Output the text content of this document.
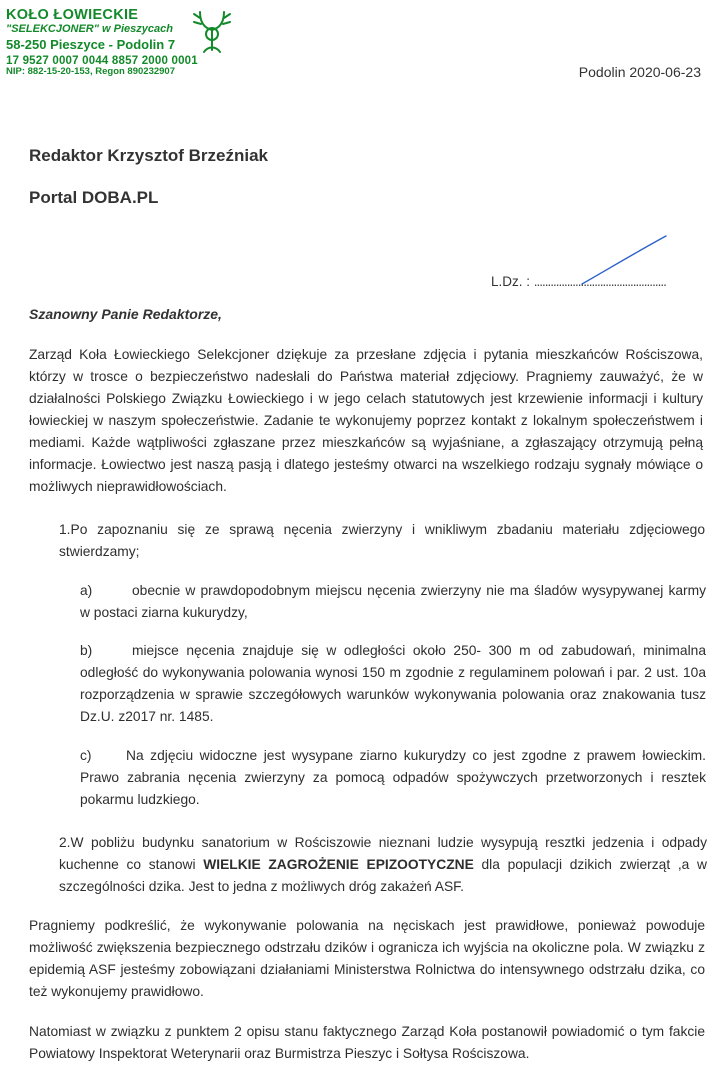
KOŁO ŁOWIECKIE
"SELEKCJONER" w Pieszycach
58-250 Pieszyce - Podolin 7
17 9527 0007 0044 8857 2000 0001
NIP: 882-15-20-153, Regon 890232907	Podolin 2020-06-23
Redaktor Krzysztof Brzeźniak
Portal DOBA.PL
L.Dz. : ................................................
Szanowny Panie Redaktorze,
Zarząd Koła Łowieckiego Selekcjoner dziękuje za przesłane zdjęcia i pytania mieszkańców Rościszowa, którzy w trosce o bezpieczeństwo nadesłali do Państwa materiał zdjęciowy. Pragniemy zauważyć, że w działalności Polskiego Związku Łowieckiego i w jego celach statutowych jest krzewienie informacji i kultury łowieckiej w naszym społeczeństwie. Zadanie te wykonujemy poprzez kontakt z lokalnym społeczeństwem i mediami. Każde wątpliwości zgłaszane przez mieszkańców są wyjaśniane, a zgłaszający otrzymują pełną informacje. Łowiectwo jest naszą pasją i dlatego jesteśmy otwarci na wszelkiego rodzaju sygnały mówiące o możliwych nieprawidłowościach.
1.Po zapoznaniu się ze sprawą nęcenia zwierzyny i wnikliwym zbadaniu materiału zdjęciowego stwierdzamy;
a)	obecnie w prawdopodobnym miejscu nęcenia zwierzyny nie ma śladów wysypywanej karmy w postaci ziarna kukurydzy,
b)	miejsce nęcenia znajduje się w odległości około 250- 300 m od zabudowań, minimalna odległość do wykonywania polowania wynosi 150 m zgodnie z regulaminem polowań i par. 2 ust. 10a rozporządzenia w sprawie szczegółowych warunków wykonywania polowania oraz znakowania tusz Dz.U. z2017 nr. 1485.
c)	Na zdjęciu widoczne jest wysypane ziarno kukurydzy co jest zgodne z prawem łowieckim. Prawo zabrania nęcenia zwierzyny za pomocą odpadów spożywczych przetworzonych i resztek pokarmu ludzkiego.
2.W pobliżu budynku sanatorium w Rościszowie nieznani ludzie wysypują resztki jedzenia i odpady kuchenne co stanowi WIELKIE ZAGROŻENIE EPIZOOTYCZNE dla populacji dzikich zwierząt ,a w szczególności dzika. Jest to jedna z możliwych dróg zakażeń ASF.
Pragniemy podkreślić, że wykonywanie polowania na nęciskach jest prawidłowe, ponieważ powoduje możliwość zwiększenia bezpiecznego odstrzału dzików i ogranicza ich wyjścia na okoliczne pola. W związku z epidemią ASF jesteśmy zobowiązani działaniami Ministerstwa Rolnictwa do intensywnego odstrzału dzika, co też wykonujemy prawidłowo.
Natomiast w związku z punktem 2 opisu stanu faktycznego Zarząd Koła postanowił powiadomić o tym fakcie Powiatowy Inspektorat Weterynarii oraz Burmistrza Pieszyc i Sołtysa Rościszowa.
